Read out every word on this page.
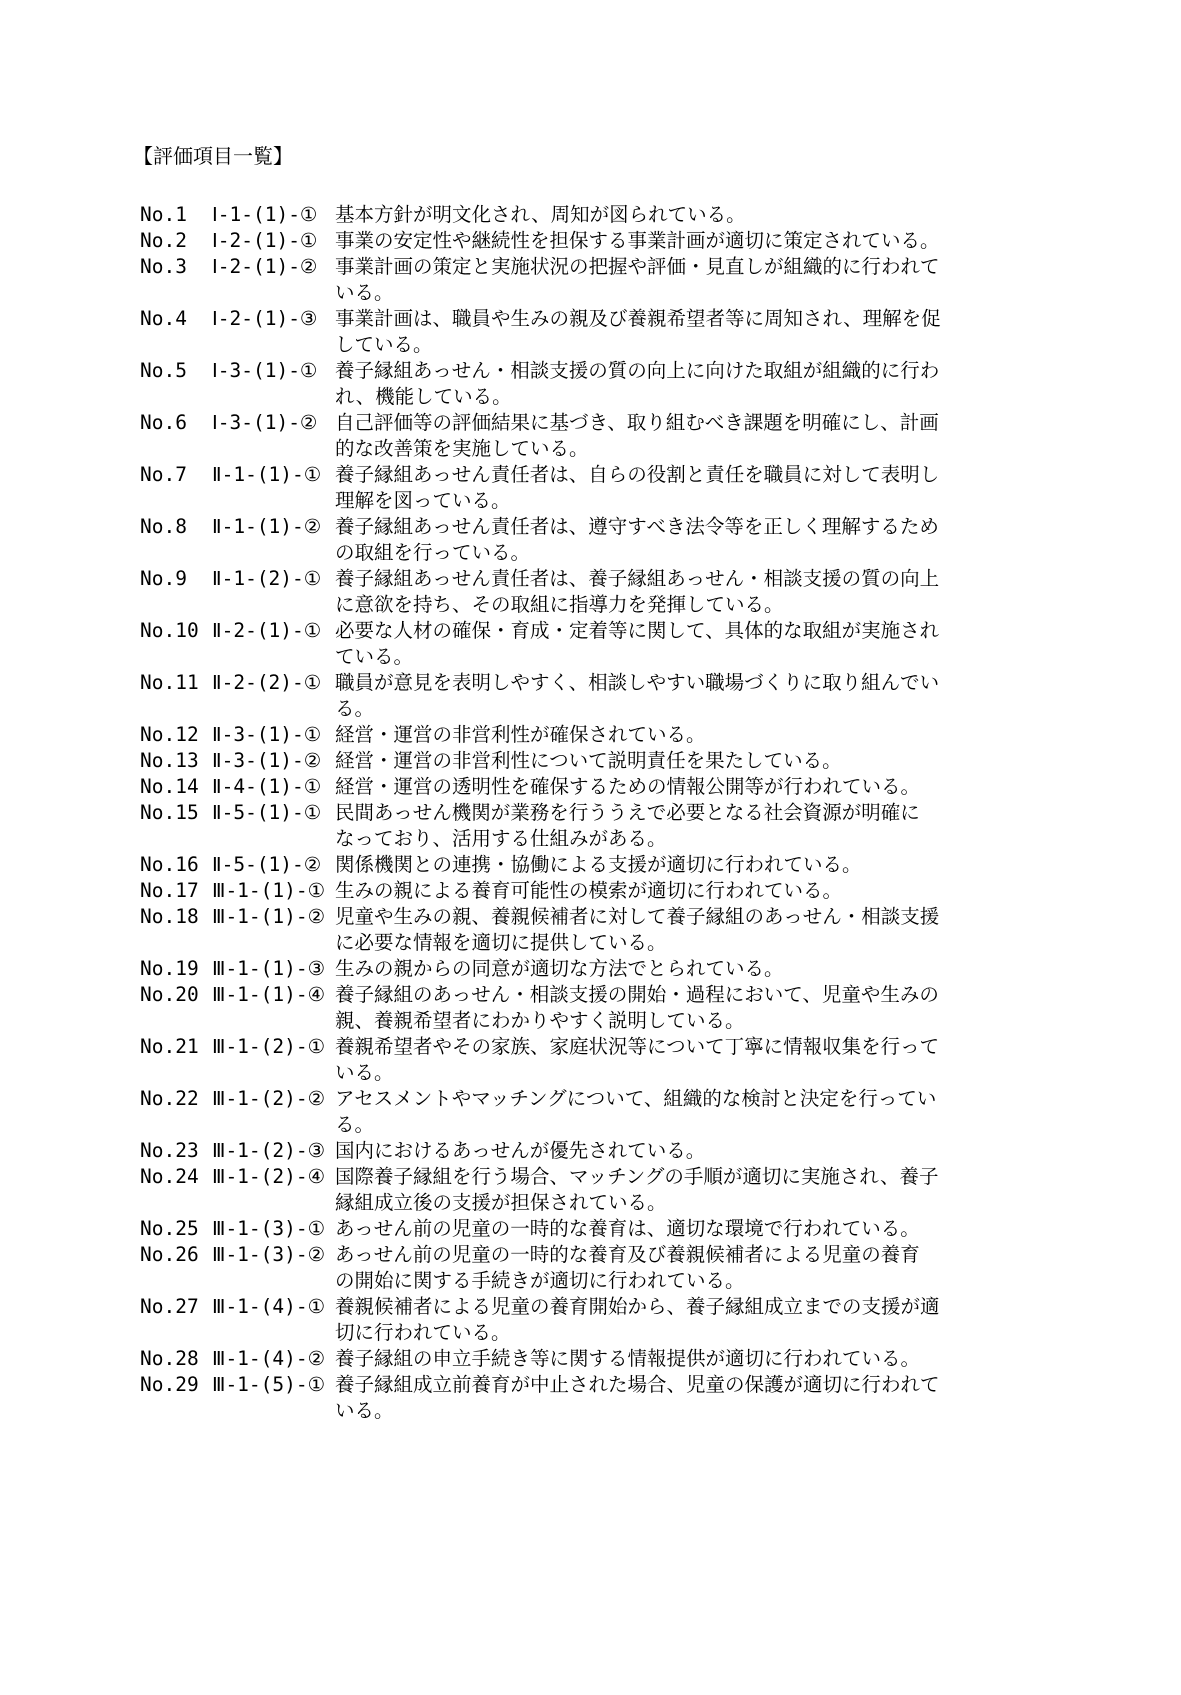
【評価項目一覧】
No.1	Ⅰ-1-(1)-① 基本方針が明文化され、周知が図られている。
No.2	Ⅰ-2-(1)-① 事業の安定性や継続性を担保する事業計画が適切に策定されている。
No.3	Ⅰ-2-(1)-② 事業計画の策定と実施状況の把握や評価・見直しが組織的に行われて
いる。
No.4	Ⅰ-2-(1)-③ 事業計画は、職員や生みの親及び養親希望者等に周知され、理解を促
している。
No.5	Ⅰ-3-(1)-① 養子縁組あっせん・相談支援の質の向上に向けた取組が組織的に行わ
れ、機能している。
No.6	Ⅰ-3-(1)-② 自己評価等の評価結果に基づき、取り組むべき課題を明確にし、計画
的な改善策を実施している。
No.7	Ⅱ-1-(1)-① 養子縁組あっせん責任者は、自らの役割と責任を職員に対して表明し
理解を図っている。
No.8	Ⅱ-1-(1)-② 養子縁組あっせん責任者は、遵守すべき法令等を正しく理解するため
の取組を行っている。
No.9	Ⅱ-1-(2)-① 養子縁組あっせん責任者は、養子縁組あっせん・相談支援の質の向上
に意欲を持ち、その取組に指導力を発揮している。
No.10 Ⅱ-2-(1)-① 必要な人材の確保・育成・定着等に関して、具体的な取組が実施され
ている。
No.11 Ⅱ-2-(2)-① 職員が意見を表明しやすく、相談しやすい職場づくりに取り組んでい
る。
No.12 Ⅱ-3-(1)-① 経営・運営の非営利性が確保されている。
No.13 Ⅱ-3-(1)-② 経営・運営の非営利性について説明責任を果たしている。
No.14 Ⅱ-4-(1)-① 経営・運営の透明性を確保するための情報公開等が行われている。
No.15 Ⅱ-5-(1)-① 民間あっせん機関が業務を行ううえで必要となる社会資源が明確に
なっており、活用する仕組みがある。
No.16 Ⅱ-5-(1)-② 関係機関との連携・協働による支援が適切に行われている。
No.17 Ⅲ-1-(1)-① 生みの親による養育可能性の模索が適切に行われている。
No.18 Ⅲ-1-(1)-② 児童や生みの親、養親候補者に対して養子縁組のあっせん・相談支援
に必要な情報を適切に提供している。
No.19 Ⅲ-1-(1)-③ 生みの親からの同意が適切な方法でとられている。
No.20 Ⅲ-1-(1)-④ 養子縁組のあっせん・相談支援の開始・過程において、児童や生みの
親、養親希望者にわかりやすく説明している。
No.21 Ⅲ-1-(2)-① 養親希望者やその家族、家庭状況等について丁寧に情報収集を行って
いる。
No.22 Ⅲ-1-(2)-② アセスメントやマッチングについて、組織的な検討と決定を行ってい
る。
No.23 Ⅲ-1-(2)-③ 国内におけるあっせんが優先されている。
No.24 Ⅲ-1-(2)-④ 国際養子縁組を行う場合、マッチングの手順が適切に実施され、養子
縁組成立後の支援が担保されている。
No.25 Ⅲ-1-(3)-① あっせん前の児童の一時的な養育は、適切な環境で行われている。
No.26 Ⅲ-1-(3)-② あっせん前の児童の一時的な養育及び養親候補者による児童の養育
の開始に関する手続きが適切に行われている。
No.27 Ⅲ-1-(4)-① 養親候補者による児童の養育開始から、養子縁組成立までの支援が適
切に行われている。
No.28 Ⅲ-1-(4)-② 養子縁組の申立手続き等に関する情報提供が適切に行われている。
No.29 Ⅲ-1-(5)-① 養子縁組成立前養育が中止された場合、児童の保護が適切に行われて
いる。
